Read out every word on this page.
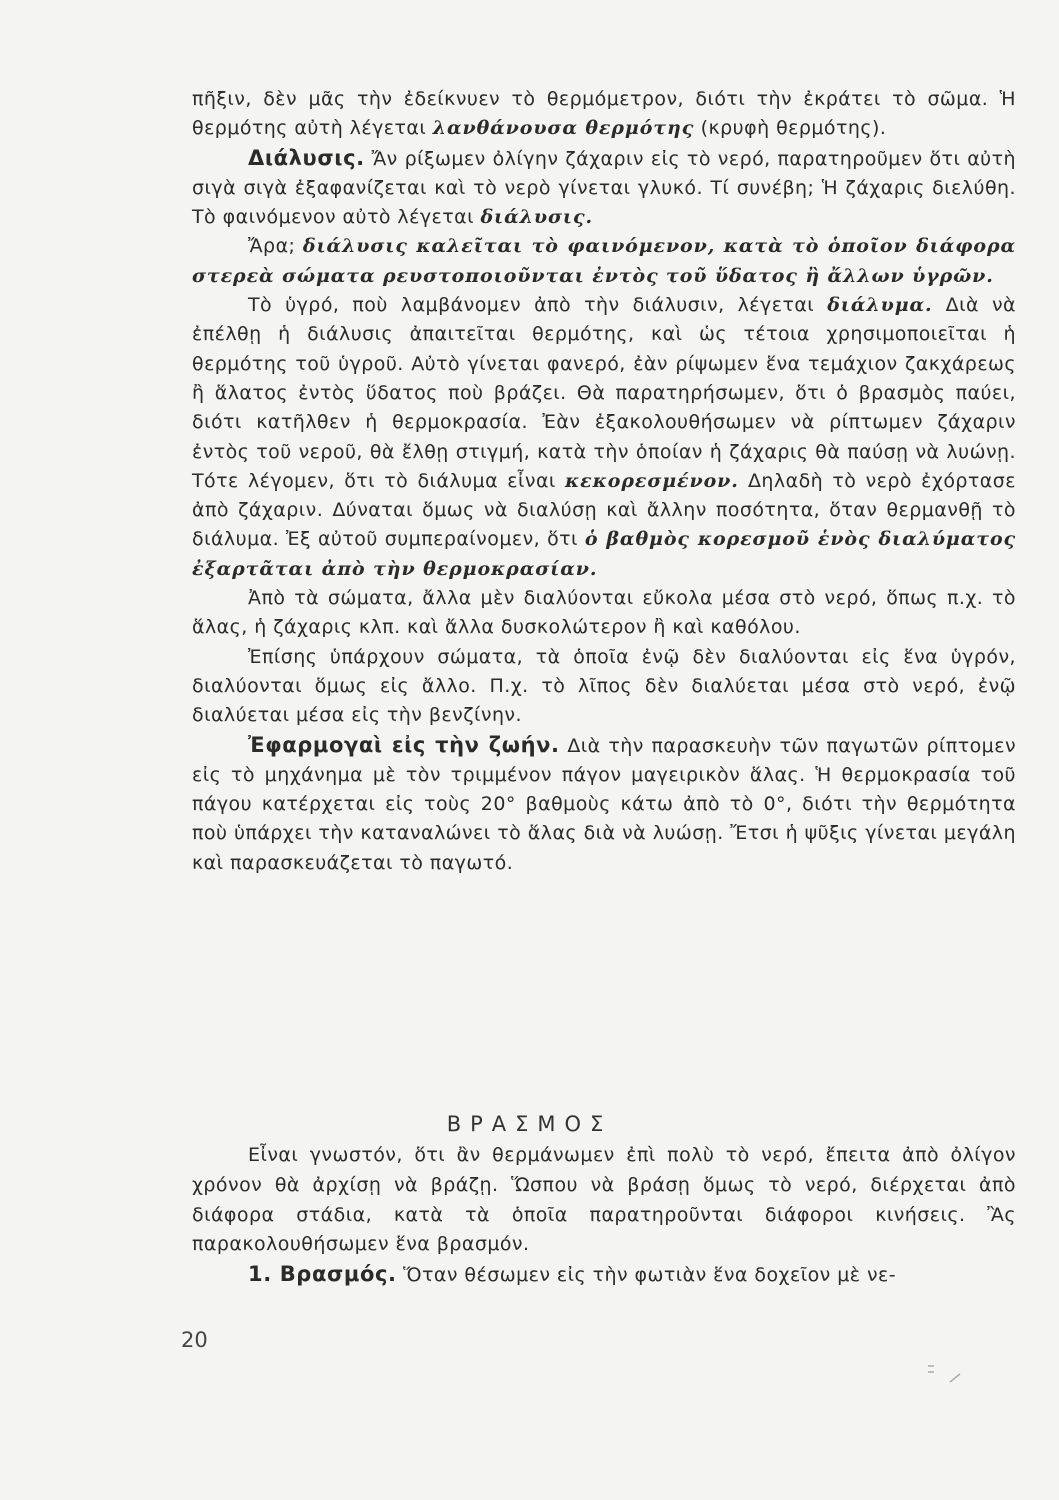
πῆξιν, δὲν μᾶς τὴν ἐδείκνυεν τὸ θερμόμετρον, διότι τὴν ἐκράτει τὸ σῶμα. Ἡ θερμότης αὐτὴ λέγεται λανθάνουσα θερμότης (κρυφὴ θερμότης).

Διάλυσις. Ἄν ρίξωμεν ὀλίγην ζάχαριν εἰς τὸ νερό, παρατηροῦμεν ὅτι αὐτὴ σιγὰ σιγὰ ἐξαφανίζεται καὶ τὸ νερὸ γίνεται γλυκό. Τί συνέβη; Ἡ ζάχαρις διελύθη. Τὸ φαινόμενον αὐτὸ λέγεται διάλυσις.

Ἄρα; διάλυσις καλεῖται τὸ φαινόμενον, κατὰ τὸ ὁποῖον διάφορα στερεὰ σώματα ρευστοποιοῦνται ἐντὸς τοῦ ὕδατος ἢ ἄλλων ὑγρῶν.

Τὸ ὑγρό, ποὺ λαμβάνομεν ἀπὸ τὴν διάλυσιν, λέγεται διάλυμα. Διὰ νὰ ἐπέλθῃ ἡ διάλυσις ἀπαιτεῖται θερμότης, καὶ ὡς τέτοια χρησιμοποιεῖται ἡ θερμότης τοῦ ὑγροῦ. Αὐτὸ γίνεται φανερό, ἐὰν ρίψωμεν ἕνα τεμάχιον ζακχάρεως ἢ ἅλατος ἐντὸς ὕδατος ποὺ βράζει. Θὰ παρατηρήσωμεν, ὅτι ὁ βρασμὸς παύει, διότι κατῆλθεν ἡ θερμοκρασία. Ἐὰν ἐξακολουθήσωμεν νὰ ρίπτωμεν ζάχαριν ἐντὸς τοῦ νεροῦ, θὰ ἔλθῃ στιγμή, κατὰ τὴν ὁποίαν ἡ ζάχαρις θὰ παύσῃ νὰ λυώνῃ. Τότε λέγομεν, ὅτι τὸ διάλυμα εἶναι κεκορεσμένον. Δηλαδὴ τὸ νερὸ ἐχόρτασε ἀπὸ ζάχαριν. Δύναται ὅμως νὰ διαλύσῃ καὶ ἄλλην ποσότητα, ὅταν θερμανθῇ τὸ διάλυμα. Ἐξ αὐτοῦ συμπεραίνομεν, ὅτι ὁ βαθμὸς κορεσμοῦ ἑνὸς διαλύματος ἐξαρτᾶται ἀπὸ τὴν θερμοκρασίαν.

Ἀπὸ τὰ σώματα, ἄλλα μὲν διαλύονται εὔκολα μέσα στὸ νερό, ὅπως π.χ. τὸ ἅλας, ἡ ζάχαρις κλπ. καὶ ἄλλα δυσκολώτερον ἢ καὶ καθόλου.

Ἐπίσης ὑπάρχουν σώματα, τὰ ὁποῖα ἐνῷ δὲν διαλύονται εἰς ἕνα ὑγρόν, διαλύονται ὅμως εἰς ἄλλο. Π.χ. τὸ λῖπος δὲν διαλύεται μέσα στὸ νερό, ἐνῷ διαλύεται μέσα εἰς τὴν βενζίνην.

Ἐφαρμογαὶ εἰς τὴν ζωήν. Διὰ τὴν παρασκευὴν τῶν παγωτῶν ρίπτομεν εἰς τὸ μηχάνημα μὲ τὸν τριμμένον πάγον μαγειρικὸν ἅλας. Ἡ θερμοκρασία τοῦ πάγου κατέρχεται εἰς τοὺς 20° βαθμοὺς κάτω ἀπὸ τὸ 0°, διότι τὴν θερμότητα ποὺ ὑπάρχει τὴν καταναλώνει τὸ ἅλας διὰ νὰ λυώσῃ. Ἔτσι ἡ ψῦξις γίνεται μεγάλη καὶ παρασκευάζεται τὸ παγωτό.

ΒΡΑΣΜΟΣ

Εἶναι γνωστόν, ὅτι ἂν θερμάνωμεν ἐπὶ πολὺ τὸ νερό, ἔπειτα ἀπὸ ὀλίγον χρόνον θὰ ἀρχίσῃ νὰ βράζῃ. Ὥσπου νὰ βράσῃ ὅμως τὸ νερό, διέρχεται ἀπὸ διάφορα στάδια, κατὰ τὰ ὁποῖα παρατηροῦνται διάφοροι κινήσεις. Ἂς παρακολουθήσωμεν ἕνα βρασμόν.

1. Βρασμός. Ὅταν θέσωμεν εἰς τὴν φωτιὰν ἕνα δοχεῖον μὲ νε-

20
